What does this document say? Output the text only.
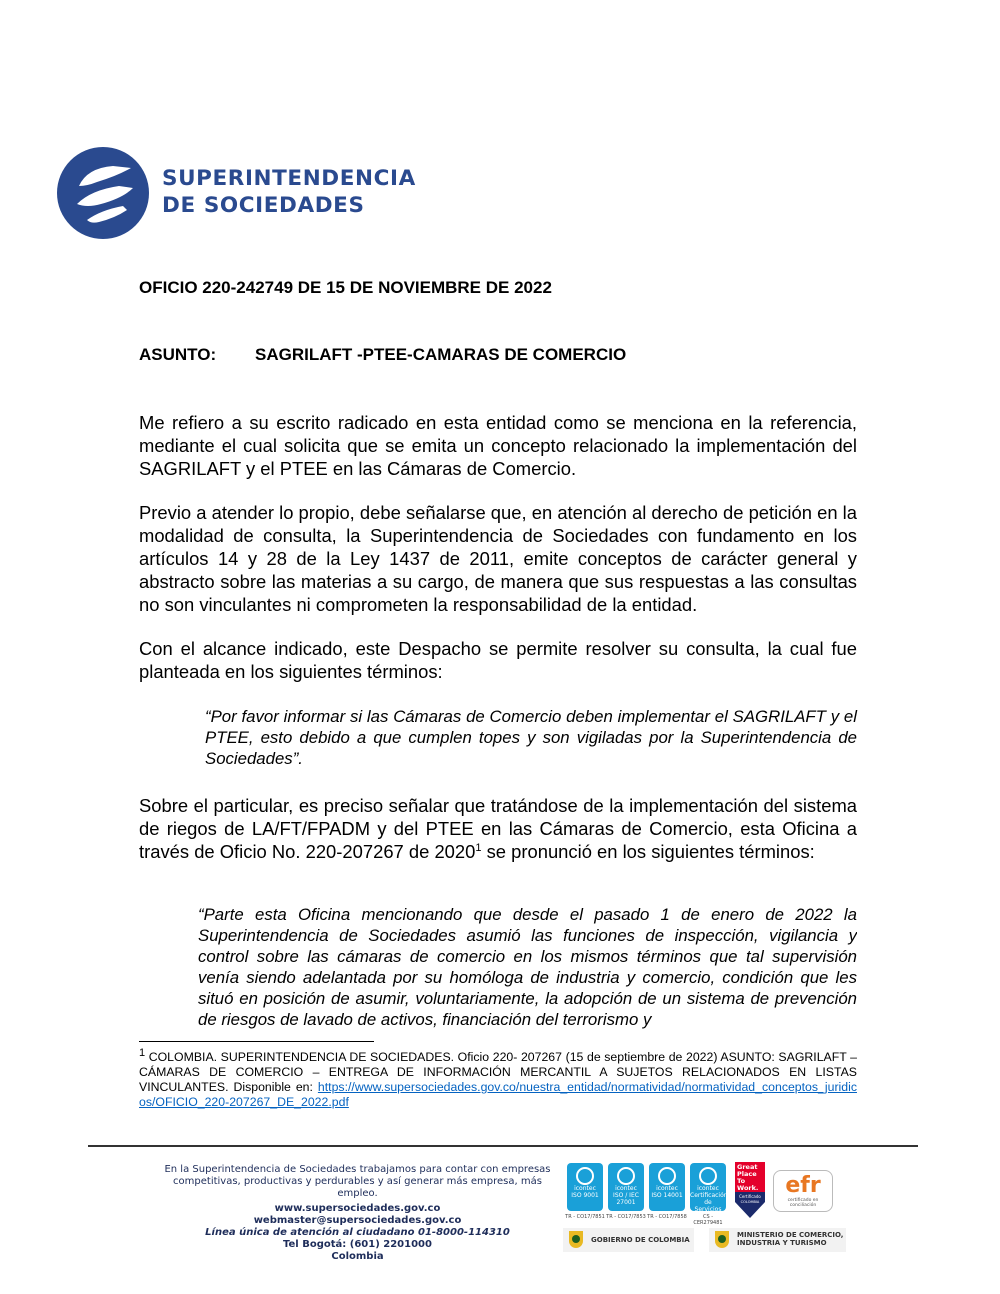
SUPERINTENDENCIA
DE SOCIEDADES
OFICIO 220-242749 DE 15 DE NOVIEMBRE DE 2022
ASUNTO: SAGRILAFT -PTEE-CAMARAS DE COMERCIO
Me refiero a su escrito radicado en esta entidad como se menciona en la referencia, mediante el cual solicita que se emita un concepto relacionado la implementación del SAGRILAFT y el PTEE en las Cámaras de Comercio.
Previo a atender lo propio, debe señalarse que, en atención al derecho de petición en la modalidad de consulta, la Superintendencia de Sociedades con fundamento en los artículos 14 y 28 de la Ley 1437 de 2011, emite conceptos de carácter general y abstracto sobre las materias a su cargo, de manera que sus respuestas a las consultas no son vinculantes ni comprometen la responsabilidad de la entidad.
Con el alcance indicado, este Despacho se permite resolver su consulta, la cual fue planteada en los siguientes términos:
“Por favor informar si las Cámaras de Comercio deben implementar el SAGRILAFT y el PTEE, esto debido a que cumplen topes y son vigiladas por la Superintendencia de Sociedades”.
Sobre el particular, es preciso señalar que tratándose de la implementación del sistema de riegos de LA/FT/FPADM y del PTEE en las Cámaras de Comercio, esta Oficina a través de Oficio No. 220-207267 de 2020$^1$ se pronunció en los siguientes términos:
“Parte esta Oficina mencionando que desde el pasado 1 de enero de 2022 la Superintendencia de Sociedades asumió las funciones de inspección, vigilancia y control sobre las cámaras de comercio en los mismos términos que tal supervisión venía siendo adelantada por su homóloga de industria y comercio, condición que les situó en posición de asumir, voluntariamente, la adopción de un sistema de prevención de riesgos de lavado de activos, financiación del terrorismo y
$^1$ COLOMBIA. SUPERINTENDENCIA DE SOCIEDADES. Oficio 220- 207267 (15 de septiembre de 2022) ASUNTO: SAGRILAFT – CÁMARAS DE COMERCIO – ENTREGA DE INFORMACIÓN MERCANTIL A SUJETOS RELACIONADOS EN LISTAS VINCULANTES. Disponible en: https://www.supersociedades.gov.co/nuestra_entidad/normatividad/normatividad_conceptos_juridicos/OFICIO_220-207267_DE_2022.pdf
En la Superintendencia de Sociedades trabajamos para contar con empresas competitivas, productivas y perdurables y así generar más empresa, más empleo.
www.supersociedades.gov.co
webmaster@supersociedades.gov.co
Línea única de atención al ciudadano 01-8000-114310
Tel Bogotá: (601) 2201000
Colombia
icontec
ISO 9001
TR - CO17/7851
icontec
ISO / IEC 27001
TR - CO17/7853
icontec
ISO 14001
TR - CO17/7858
icontec
Certificación de Servicios
CS - CER279481
Great
Place
To
Work.
Certificado
COLOMBIA
efr
certificado en conciliación
GOBIERNO DE COLOMBIA
MINISTERIO DE COMERCIO,
INDUSTRIA Y TURISMO
